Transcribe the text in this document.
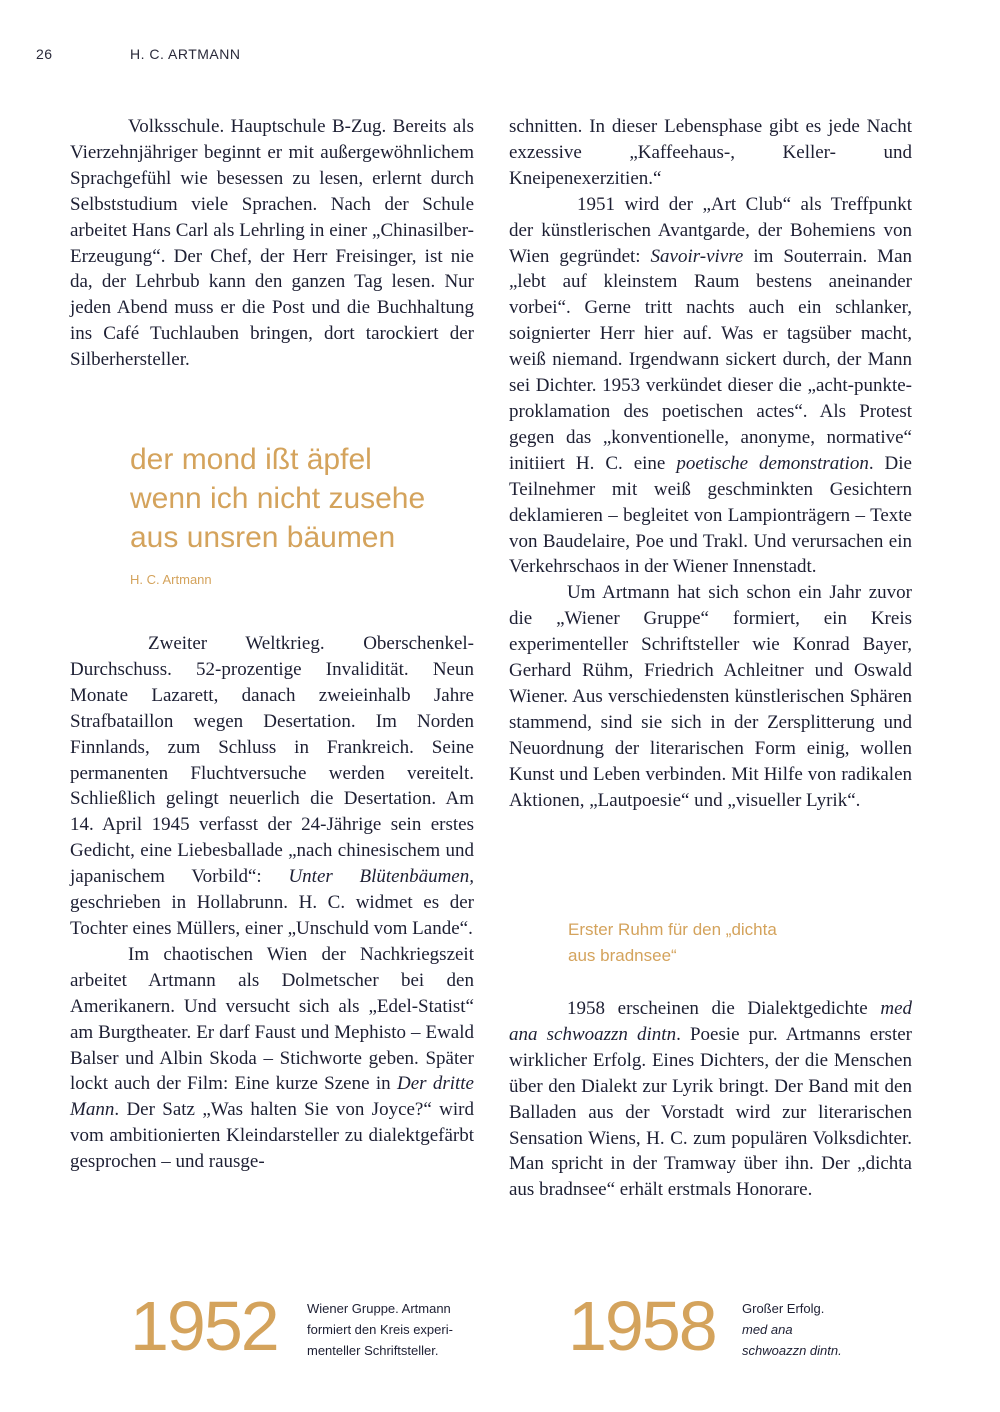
26	H. C. ARTMANN

Volksschule. Hauptschule B-Zug. Bereits als Vierzehnjähriger beginnt er mit außergewöhnlichem Sprachgefühl wie besessen zu lesen, erlernt durch Selbststudium viele Sprachen. Nach der Schule arbeitet Hans Carl als Lehrling in einer „Chinasilber-Erzeugung“. Der Chef, der Herr Freisinger, ist nie da, der Lehrbub kann den ganzen Tag lesen. Nur jeden Abend muss er die Post und die Buchhaltung ins Café Tuchlauben bringen, dort tarockiert der Silberhersteller.

der mond ißt äpfel
wenn ich nicht zusehe
aus unsren bäumen
H. C. Artmann

Zweiter Weltkrieg. Oberschenkel-Durchschuss. 52-prozentige Invalidität. Neun Monate Lazarett, danach zweieinhalb Jahre Strafbataillon wegen Desertation. Im Norden Finnlands, zum Schluss in Frankreich. Seine permanenten Fluchtversuche werden vereitelt. Schließlich gelingt neuerlich die Desertation. Am 14. April 1945 verfasst der 24-Jährige sein erstes Gedicht, eine Liebesballade „nach chinesischem und japanischem Vorbild“: Unter Blütenbäumen, geschrieben in Hollabrunn. H. C. widmet es der Tochter eines Müllers, einer „Unschuld vom Lande“.

Im chaotischen Wien der Nachkriegszeit arbeitet Artmann als Dolmetscher bei den Amerikanern. Und versucht sich als „Edel-Statist“ am Burgtheater. Er darf Faust und Mephisto – Ewald Balser und Albin Skoda – Stichworte geben. Später lockt auch der Film: Eine kurze Szene in Der dritte Mann. Der Satz „Was halten Sie von Joyce?“ wird vom ambitionierten Kleindarsteller zu dialektgefärbt gesprochen – und rausge-

schnitten. In dieser Lebensphase gibt es jede Nacht exzessive „Kaffeehaus-, Keller- und Kneipenexerzitien.“

1951 wird der „Art Club“ als Treffpunkt der künstlerischen Avantgarde, der Bohemiens von Wien gegründet: Savoir-vivre im Souterrain. Man „lebt auf kleinstem Raum bestens aneinander vorbei“. Gerne tritt nachts auch ein schlanker, soignierter Herr hier auf. Was er tagsüber macht, weiß niemand. Irgendwann sickert durch, der Mann sei Dichter. 1953 verkündet dieser die „acht-punkte-proklamation des poetischen actes“. Als Protest gegen das „konventionelle, anonyme, normative“ initiiert H. C. eine poetische demonstration. Die Teilnehmer mit weiß geschminkten Gesichtern deklamieren – begleitet von Lampionträgern – Texte von Baudelaire, Poe und Trakl. Und verursachen ein Verkehrschaos in der Wiener Innenstadt.

Um Artmann hat sich schon ein Jahr zuvor die „Wiener Gruppe“ formiert, ein Kreis experimenteller Schriftsteller wie Konrad Bayer, Gerhard Rühm, Friedrich Achleitner und Oswald Wiener. Aus verschiedensten künstlerischen Sphären stammend, sind sie sich in der Zersplitterung und Neuordnung der literarischen Form einig, wollen Kunst und Leben verbinden. Mit Hilfe von radikalen Aktionen, „Lautpoesie“ und „visueller Lyrik“.

Erster Ruhm für den „dichta
aus bradnsee“

1958 erscheinen die Dialektgedichte med ana schwoazzn dintn. Poesie pur. Artmanns erster wirklicher Erfolg. Eines Dichters, der die Menschen über den Dialekt zur Lyrik bringt. Der Band mit den Balladen aus der Vorstadt wird zur literarischen Sensation Wiens, H. C. zum populären Volksdichter. Man spricht in der Tramway über ihn. Der „dichta aus bradnsee“ erhält erstmals Honorare.

1952 Wiener Gruppe. Artmann
formiert den Kreis experi-
menteller Schriftsteller. 1958 Großer Erfolg.
med ana
schwoazzn dintn.
